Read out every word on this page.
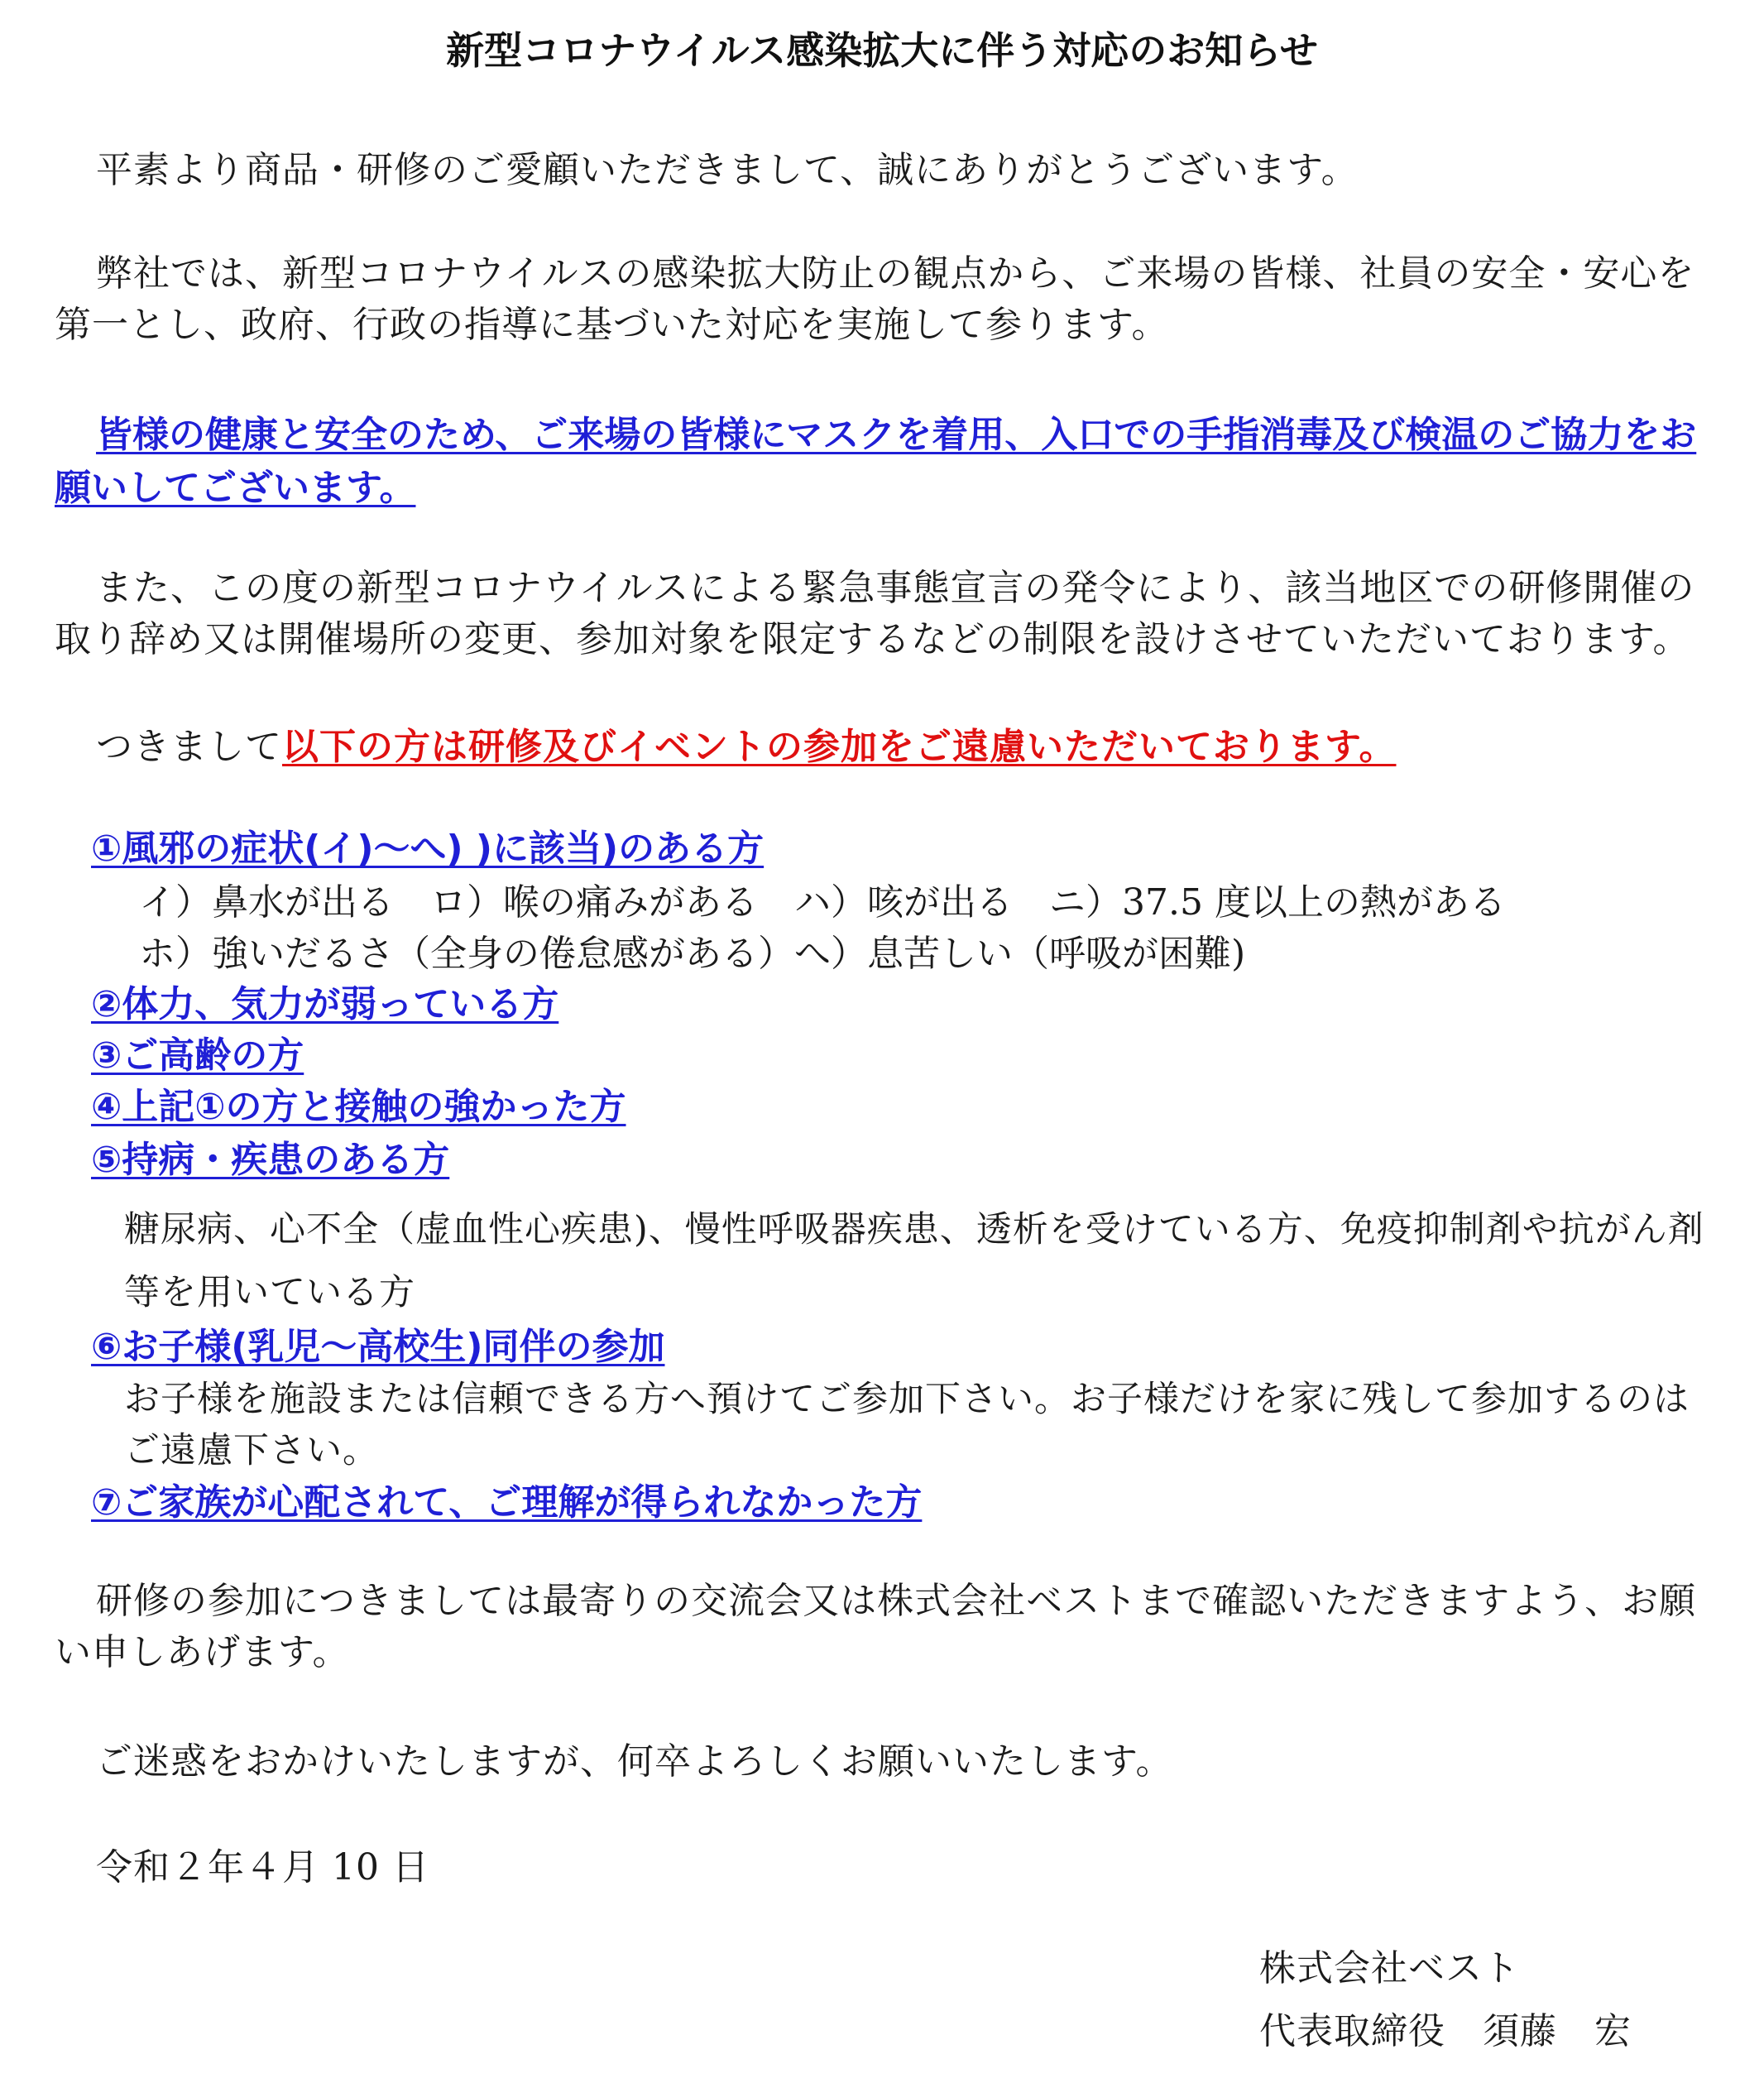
新型コロナウイルス感染拡大に伴う対応のお知らせ

平素より商品・研修のご愛顧いただきまして、誠にありがとうございます。

弊社では、新型コロナウイルスの感染拡大防止の観点から、ご来場の皆様、社員の安全・安心を第一とし、政府、行政の指導に基づいた対応を実施して参ります。

皆様の健康と安全のため、ご来場の皆様にマスクを着用、入口での手指消毒及び検温のご協力をお願いしてございます。

また、この度の新型コロナウイルスによる緊急事態宣言の発令により、該当地区での研修開催の取り辞め又は開催場所の変更、参加対象を限定するなどの制限を設けさせていただいております。

つきまして以下の方は研修及びイベントの参加をご遠慮いただいております。

①風邪の症状(イ)〜へ) )に該当)のある方
イ）鼻水が出る　ロ）喉の痛みがある　ハ）咳が出る　ニ）37.5 度以上の熱がある
ホ）強いだるさ（全身の倦怠感がある）へ）息苦しい（呼吸が困難)
②体力、気力が弱っている方
③ご高齢の方
④上記①の方と接触の強かった方
⑤持病・疾患のある方
糖尿病、心不全（虚血性心疾患)、慢性呼吸器疾患、透析を受けている方、免疫抑制剤や抗がん剤等を用いている方
⑥お子様(乳児〜高校生)同伴の参加
お子様を施設または信頼できる方へ預けてご参加下さい。お子様だけを家に残して参加するのはご遠慮下さい。
⑦ご家族が心配されて、ご理解が得られなかった方

研修の参加につきましては最寄りの交流会又は株式会社ベストまで確認いただきますよう、お願い申しあげます。

ご迷惑をおかけいたしますが、何卒よろしくお願いいたします。

令和２年４月 10 日

株式会社ベスト
代表取締役　須藤　宏
